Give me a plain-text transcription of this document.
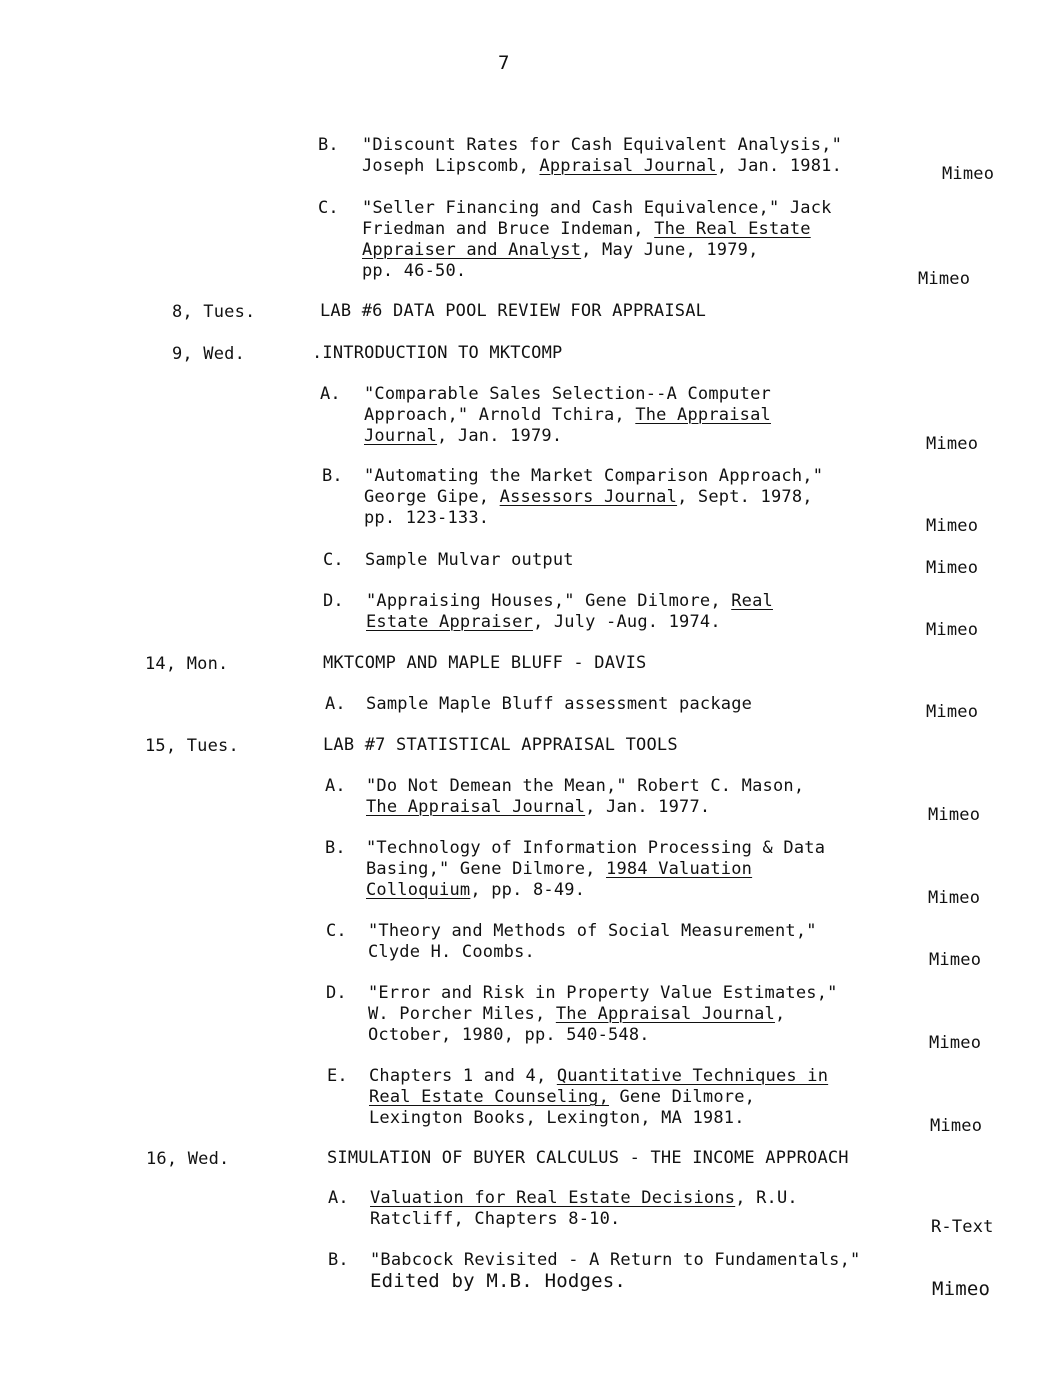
7
B. "Discount Rates for Cash Equivalent Analysis,"
Joseph Lipscomb, Appraisal Journal, Jan. 1981.	Mimeo
C. "Seller Financing and Cash Equivalence," Jack
Friedman and Bruce Indeman, The Real Estate
Appraiser and Analyst, May June, 1979,
pp. 46-50.	Mimeo
8, Tues.	LAB #6 DATA POOL REVIEW FOR APPRAISAL
9, Wed.	.INTRODUCTION TO MKTCOMP
A. "Comparable Sales Selection--A Computer
Approach," Arnold Tchira, The Appraisal
Journal, Jan. 1979.	Mimeo
B. "Automating the Market Comparison Approach,"
George Gipe, Assessors Journal, Sept. 1978,
pp. 123-133.	Mimeo
C. Sample Mulvar output	Mimeo
D. "Appraising Houses," Gene Dilmore, Real
Estate Appraiser, July -Aug. 1974.	Mimeo
14, Mon.	MKTCOMP AND MAPLE BLUFF - DAVIS
A. Sample Maple Bluff assessment package	Mimeo
15, Tues.	LAB #7 STATISTICAL APPRAISAL TOOLS
A. "Do Not Demean the Mean," Robert C. Mason,
The Appraisal Journal, Jan. 1977.	Mimeo
B. "Technology of Information Processing & Data
Basing," Gene Dilmore, 1984 Valuation
Colloquium, pp. 8-49.	Mimeo
C. "Theory and Methods of Social Measurement,"
Clyde H. Coombs.	Mimeo
D. "Error and Risk in Property Value Estimates,"
W. Porcher Miles, The Appraisal Journal,
October, 1980, pp. 540-548.	Mimeo
E. Chapters 1 and 4, Quantitative Techniques in
Real Estate Counseling, Gene Dilmore,
Lexington Books, Lexington, MA 1981.	Mimeo
16, Wed.	SIMULATION OF BUYER CALCULUS - THE INCOME APPROACH
A. Valuation for Real Estate Decisions, R.U.
Ratcliff, Chapters 8-10.	R-Text
B. "Babcock Revisited - A Return to Fundamentals,"
Edited by M.B. Hodges.	Mimeo
